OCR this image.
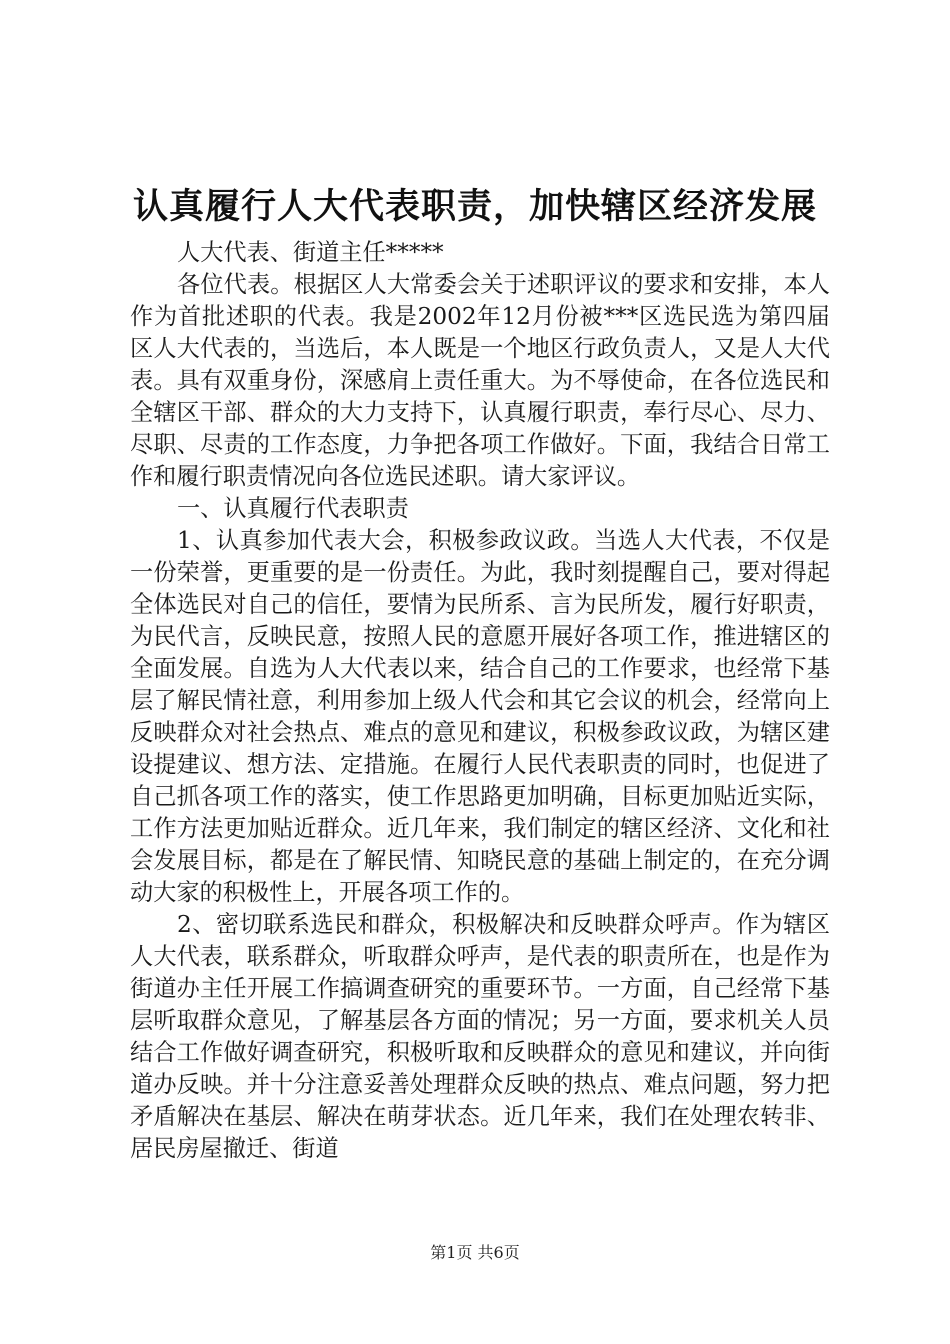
认真履行人大代表职责，加快辖区经济发展

人大代表、街道主任*****

各位代表。根据区人大常委会关于述职评议的要求和安排，本人作为首批述职的代表。我是2002年12月份被***区选民选为第四届区人大代表的，当选后，本人既是一个地区行政负责人，又是人大代表。具有双重身份，深感肩上责任重大。为不辱使命，在各位选民和全辖区干部、群众的大力支持下，认真履行职责，奉行尽心、尽力、尽职、尽责的工作态度，力争把各项工作做好。下面，我结合日常工作和履行职责情况向各位选民述职。请大家评议。

一、认真履行代表职责

1、认真参加代表大会，积极参政议政。当选人大代表，不仅是一份荣誉，更重要的是一份责任。为此，我时刻提醒自己，要对得起全体选民对自己的信任，要情为民所系、言为民所发，履行好职责，为民代言，反映民意，按照人民的意愿开展好各项工作，推进辖区的全面发展。自选为人大代表以来，结合自己的工作要求，也经常下基层了解民情社意，利用参加上级人代会和其它会议的机会，经常向上反映群众对社会热点、难点的意见和建议，积极参政议政，为辖区建设提建议、想方法、定措施。在履行人民代表职责的同时，也促进了自己抓各项工作的落实，使工作思路更加明确，目标更加贴近实际，工作方法更加贴近群众。近几年来，我们制定的辖区经济、文化和社会发展目标，都是在了解民情、知晓民意的基础上制定的，在充分调动大家的积极性上，开展各项工作的。

2、密切联系选民和群众，积极解决和反映群众呼声。作为辖区人大代表，联系群众，听取群众呼声，是代表的职责所在，也是作为街道办主任开展工作搞调查研究的重要环节。一方面，自己经常下基层听取群众意见，了解基层各方面的情况；另一方面，要求机关人员结合工作做好调查研究，积极听取和反映群众的意见和建议，并向街道办反映。并十分注意妥善处理群众反映的热点、难点问题，努力把矛盾解决在基层、解决在萌芽状态。近几年来，我们在处理农转非、居民房屋撤迁、街道

第1页 共6页
